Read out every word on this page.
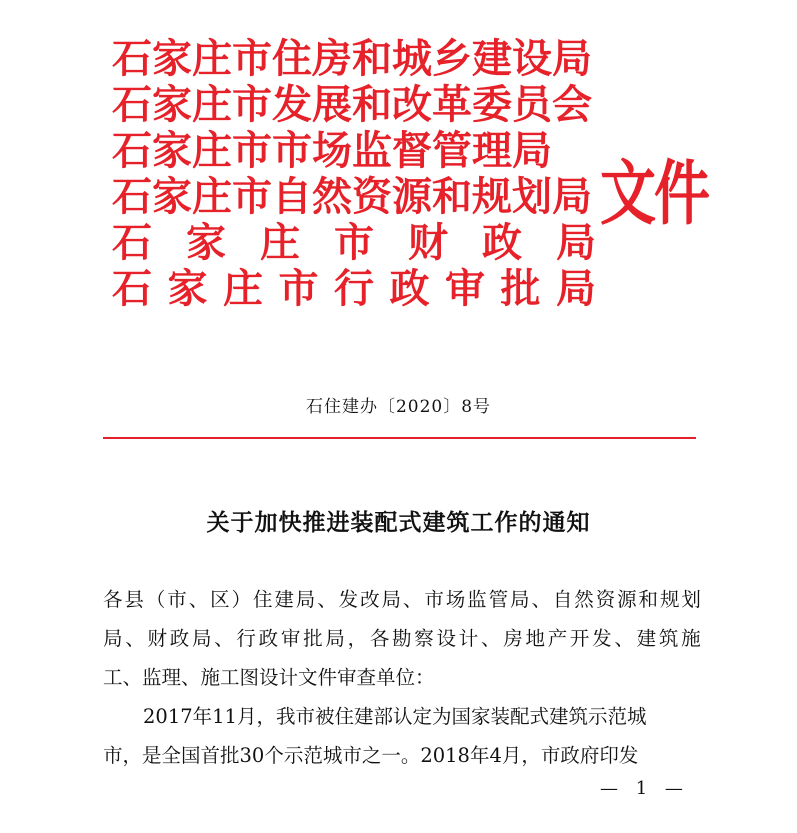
石家庄市住房和城乡建设局
石家庄市发展和改革委员会
石家庄市市场监督管理局
石家庄市自然资源和规划局
石 家 庄 市 财 政 局
石 家 庄 市 行 政 审 批 局
文件
石住建办〔2020〕8号
关于加快推进装配式建筑工作的通知
各 县 （ 市 、 区 ） 住 建 局 、 发 改 局 、 市 场 监 管 局 、 自 然 资 源 和 规 划
局 、 财 政 局 、 行 政 审 批 局 ， 各 勘 察 设 计 、 房 地 产 开 发 、 建 筑 施
工、监理、施工图设计文件审查单位：
2017年11月，我市被住建部认定为国家装配式建筑示范城
市，是全国首批30个示范城市之一。2018年4月，市政府印发
— 1 —
